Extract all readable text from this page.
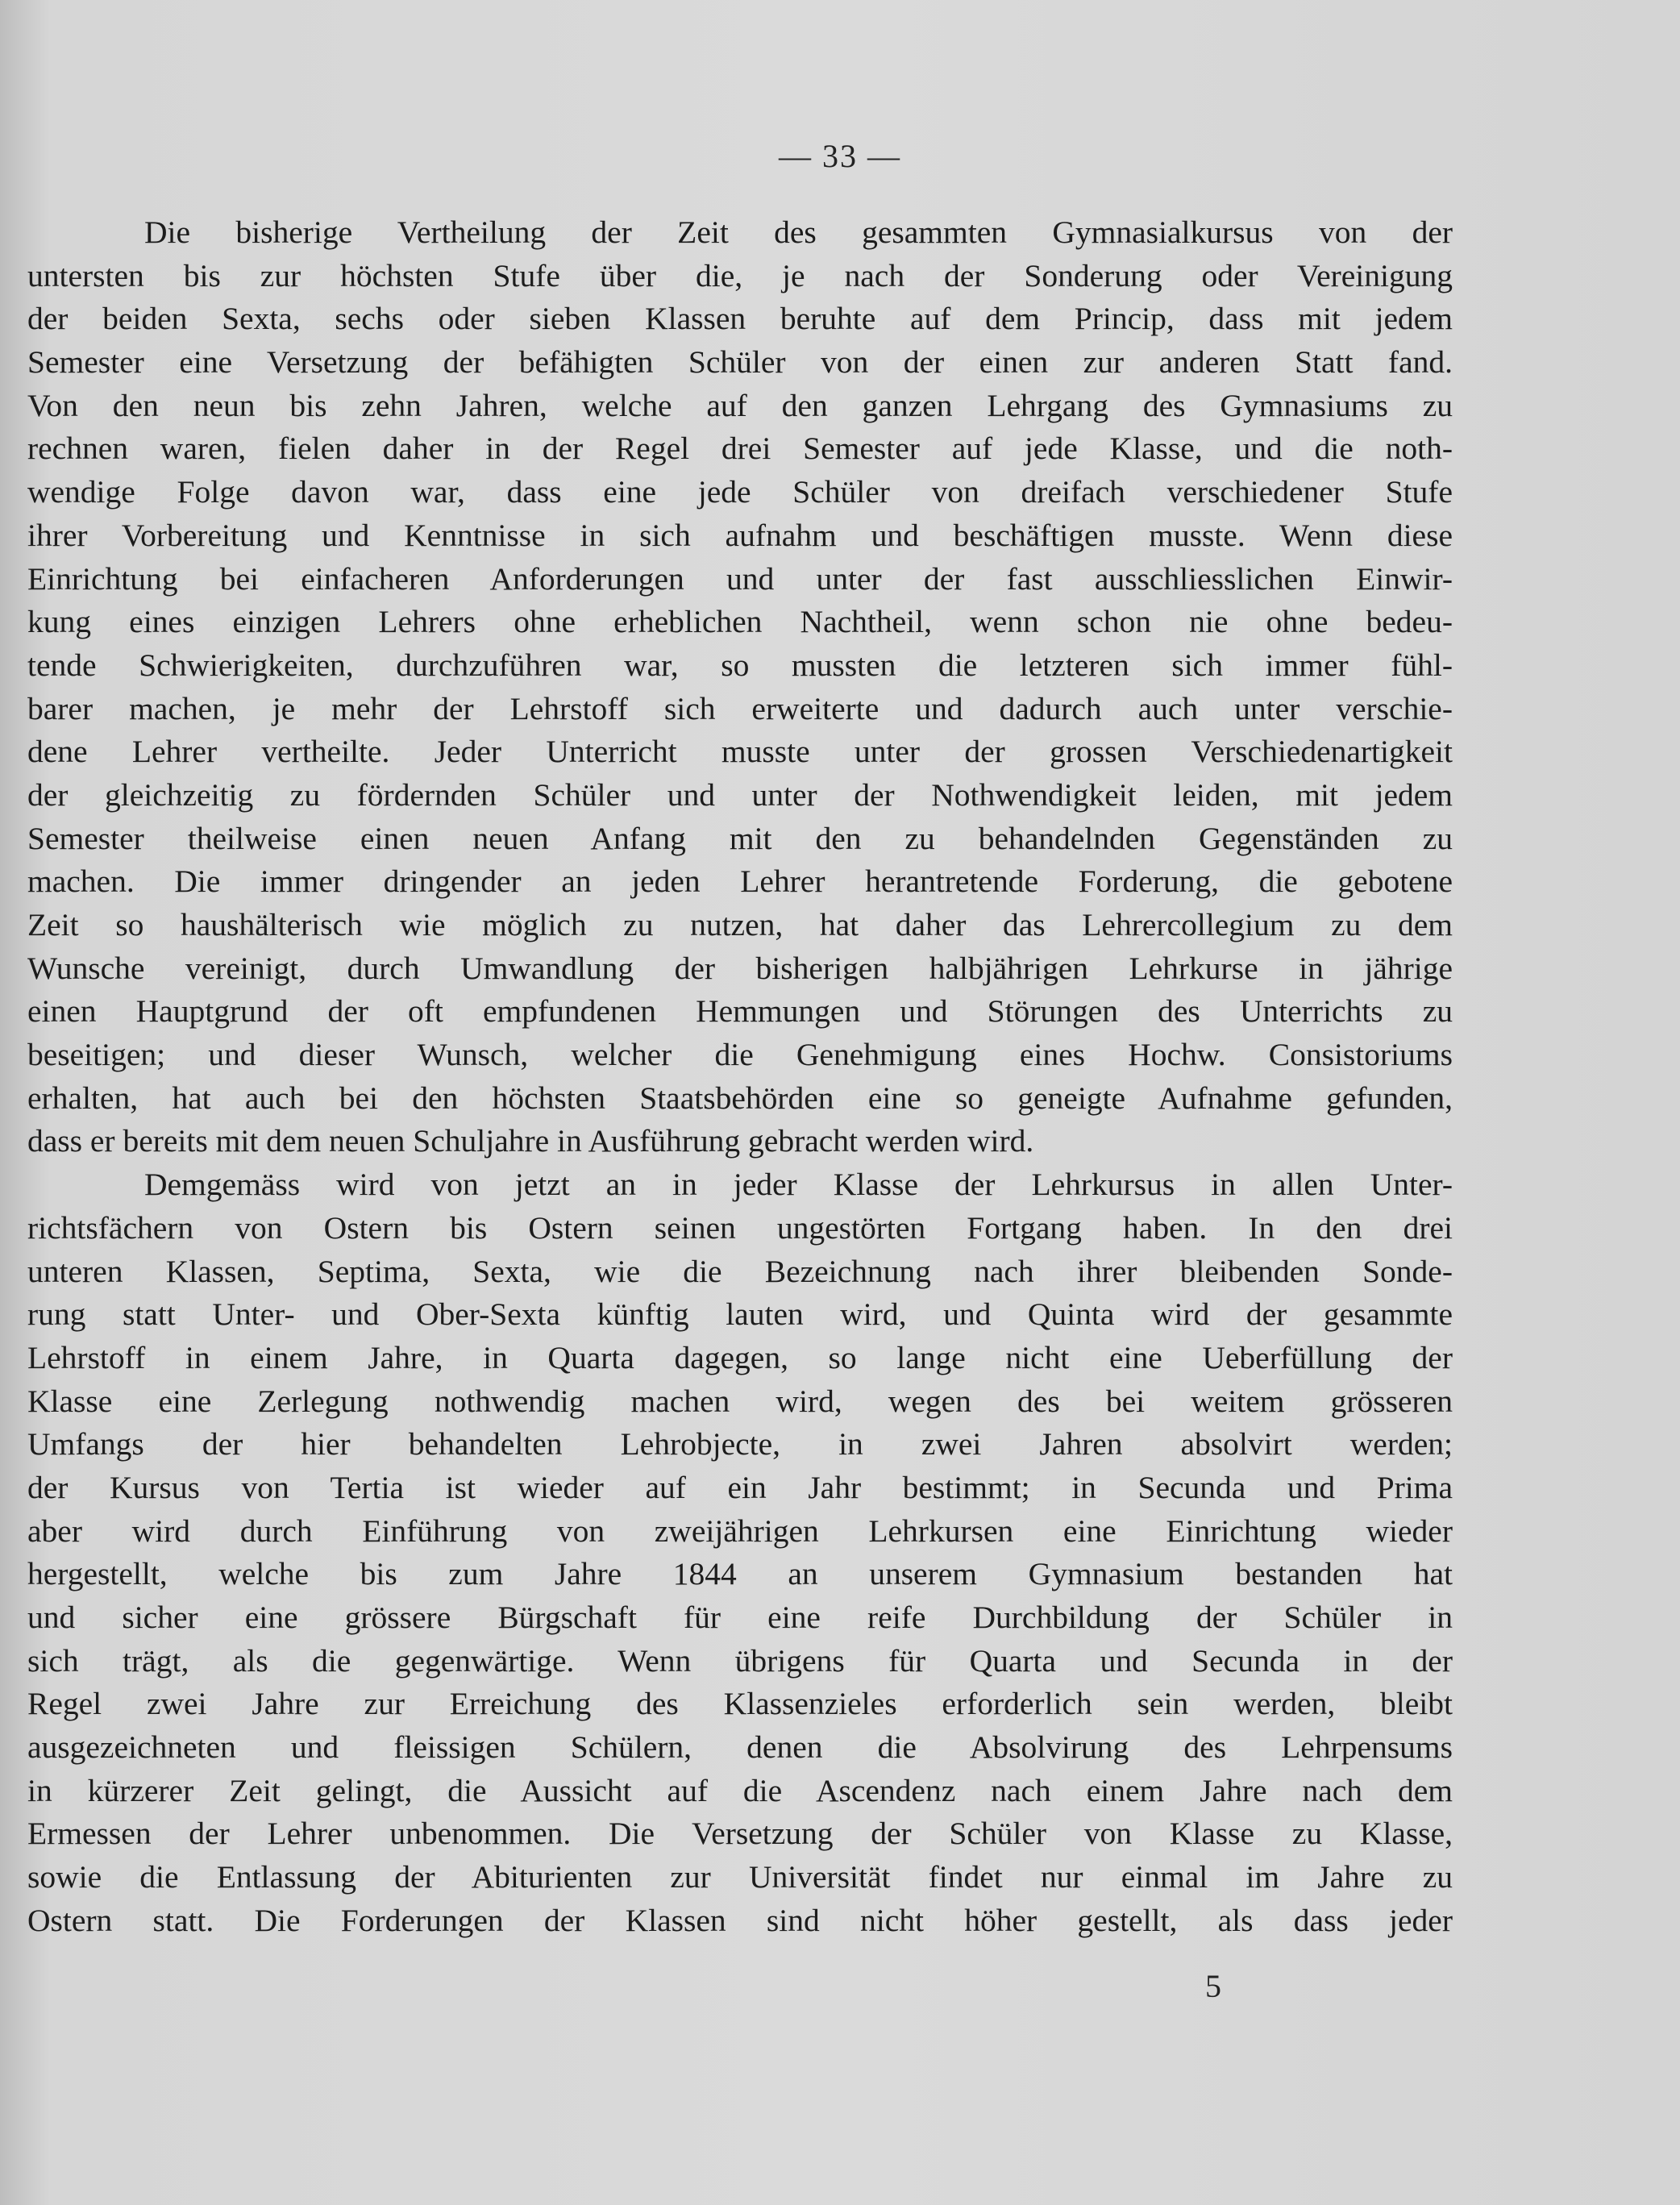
— 33 —
Die bisherige Vertheilung der Zeit des gesammten Gymnasialkursus von der
untersten bis zur höchsten Stufe über die, je nach der Sonderung oder Vereinigung
der beiden Sexta, sechs oder sieben Klassen beruhte auf dem Princip, dass mit jedem
Semester eine Versetzung der befähigten Schüler von der einen zur anderen Statt fand.
Von den neun bis zehn Jahren, welche auf den ganzen Lehrgang des Gymnasiums zu
rechnen waren, fielen daher in der Regel drei Semester auf jede Klasse, und die noth-
wendige Folge davon war, dass eine jede Schüler von dreifach verschiedener Stufe
ihrer Vorbereitung und Kenntnisse in sich aufnahm und beschäftigen musste. Wenn diese
Einrichtung bei einfacheren Anforderungen und unter der fast ausschliesslichen Einwir-
kung eines einzigen Lehrers ohne erheblichen Nachtheil, wenn schon nie ohne bedeu-
tende Schwierigkeiten, durchzuführen war, so mussten die letzteren sich immer fühl-
barer machen, je mehr der Lehrstoff sich erweiterte und dadurch auch unter verschie-
dene Lehrer vertheilte. Jeder Unterricht musste unter der grossen Verschiedenartigkeit
der gleichzeitig zu fördernden Schüler und unter der Nothwendigkeit leiden, mit jedem
Semester theilweise einen neuen Anfang mit den zu behandelnden Gegenständen zu
machen. Die immer dringender an jeden Lehrer herantretende Forderung, die gebotene
Zeit so haushälterisch wie möglich zu nutzen, hat daher das Lehrercollegium zu dem
Wunsche vereinigt, durch Umwandlung der bisherigen halbjährigen Lehrkurse in jährige
einen Hauptgrund der oft empfundenen Hemmungen und Störungen des Unterrichts zu
beseitigen; und dieser Wunsch, welcher die Genehmigung eines Hochw. Consistoriums
erhalten, hat auch bei den höchsten Staatsbehörden eine so geneigte Aufnahme gefunden,
dass er bereits mit dem neuen Schuljahre in Ausführung gebracht werden wird.
Demgemäss wird von jetzt an in jeder Klasse der Lehrkursus in allen Unter-
richtsfächern von Ostern bis Ostern seinen ungestörten Fortgang haben. In den drei
unteren Klassen, Septima, Sexta, wie die Bezeichnung nach ihrer bleibenden Sonde-
rung statt Unter- und Ober-Sexta künftig lauten wird, und Quinta wird der gesammte
Lehrstoff in einem Jahre, in Quarta dagegen, so lange nicht eine Ueberfüllung der
Klasse eine Zerlegung nothwendig machen wird, wegen des bei weitem grösseren
Umfangs der hier behandelten Lehrobjecte, in zwei Jahren absolvirt werden;
der Kursus von Tertia ist wieder auf ein Jahr bestimmt; in Secunda und Prima
aber wird durch Einführung von zweijährigen Lehrkursen eine Einrichtung wieder
hergestellt, welche bis zum Jahre 1844 an unserem Gymnasium bestanden hat
und sicher eine grössere Bürgschaft für eine reife Durchbildung der Schüler in
sich trägt, als die gegenwärtige. Wenn übrigens für Quarta und Secunda in der
Regel zwei Jahre zur Erreichung des Klassenzieles erforderlich sein werden, bleibt
ausgezeichneten und fleissigen Schülern, denen die Absolvirung des Lehrpensums
in kürzerer Zeit gelingt, die Aussicht auf die Ascendenz nach einem Jahre nach dem
Ermessen der Lehrer unbenommen. Die Versetzung der Schüler von Klasse zu Klasse,
sowie die Entlassung der Abiturienten zur Universität findet nur einmal im Jahre zu
Ostern statt. Die Forderungen der Klassen sind nicht höher gestellt, als dass jeder
5
